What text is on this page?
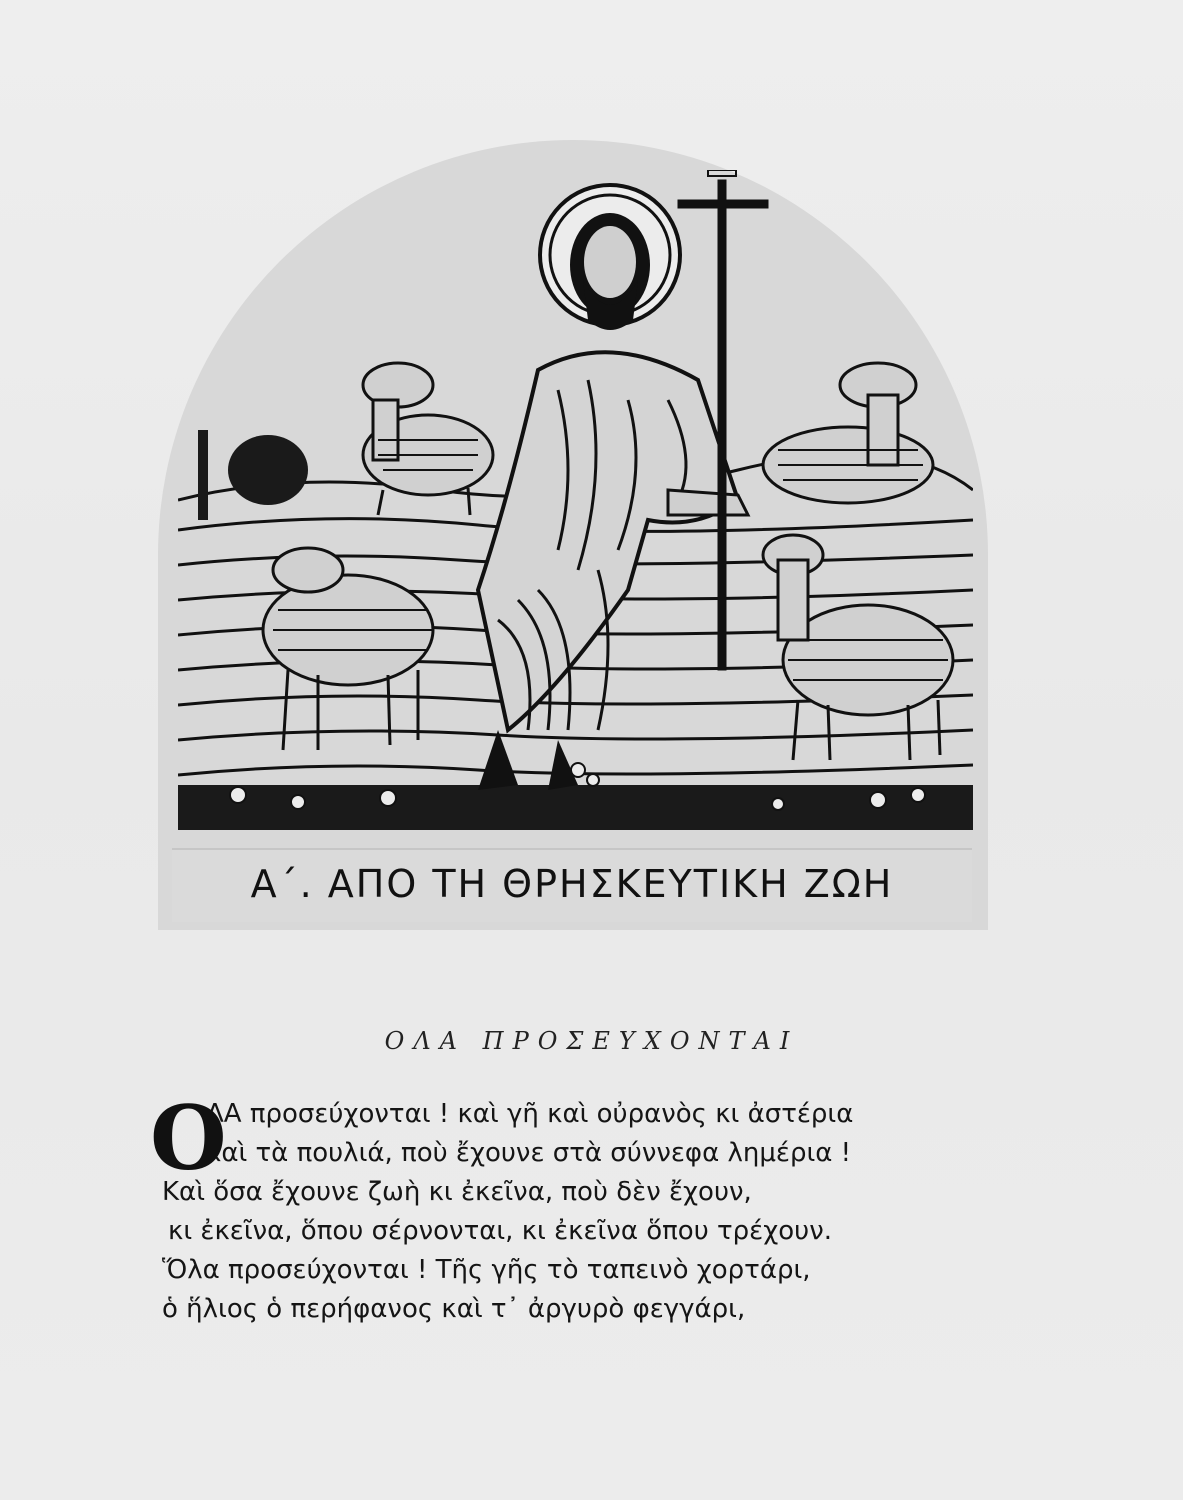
Α΄. ΑΠΟ ΤΗ ΘΡΗΣΚΕΥΤΙΚΗ ΖΩΗ
ΟΛΑ ΠΡΟΣΕΥΧΟΝΤΑΙ
Ο
ΛΑ προσεύχονται ! καὶ γῆ καὶ οὐρανὸς κι ἀστέρια
καὶ τὰ πουλιά, ποὺ ἔχουνε στὰ σύννεφα λημέρια !
Καὶ ὅσα ἔχουνε ζωὴ κι ἐκεῖνα, ποὺ δὲν ἔχουν,
κι ἐκεῖνα, ὅπου σέρνονται, κι ἐκεῖνα ὅπου τρέχουν.
Ὅλα προσεύχονται ! Τῆς γῆς τὸ ταπεινὸ χορτάρι,
ὁ ἥλιος ὁ περήφανος καὶ τ᾽ ἀργυρὸ φεγγάρι,
